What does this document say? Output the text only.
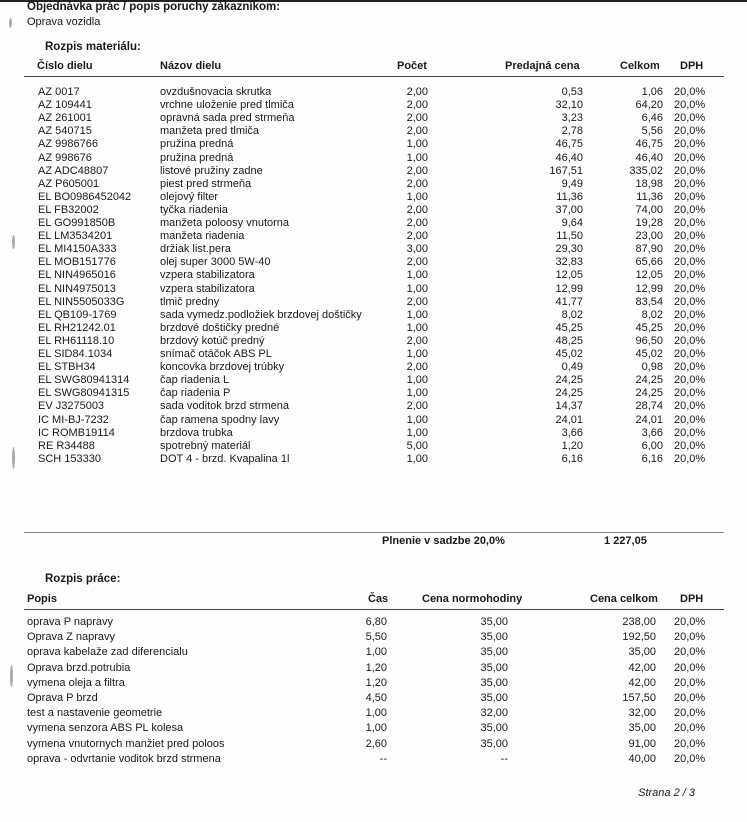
Objednávka prác / popis poruchy zákazníkom:
Oprava vozidla
Rozpis materiálu:
Číslo dielu	Názov dielu	Počet	Predajná cena	Celkom DPH
AZ 0017	ovzdušnovacia skrutka	2,00	0,53	1,06 20,0%
AZ 109441	vrchne uloženie pred tlmiča	2,00	32,10	64,20 20,0%
AZ 261001	opravná sada pred strmeňa	2,00	3,23	6,46 20,0%
AZ 540715	manžeta pred tlmiča	2,00	2,78	5,56 20,0%
AZ 9986766	pružina predná	1,00	46,75	46,75 20,0%
AZ 998676	pružina predná	1,00	46,40	46,40 20,0%
AZ ADC48807	listové pružiny zadne	2,00	167,51	335,02 20,0%
AZ P605001	piest pred strmeňa	2,00	9,49	18,98 20,0%
EL BO0986452042	olejový filter	1,00	11,36	11,36 20,0%
EL FB32002	tyčka riadenia	2,00	37,00	74,00 20,0%
EL GO991850B	manžeta poloosy vnutorna	2,00	9,64	19,28 20,0%
EL LM3534201	manžeta riadenia	2,00	11,50	23,00 20,0%
EL MI4150A333	držiak list.pera	3,00	29,30	87,90 20,0%
EL MOB151776	olej super 3000 5W-40	2,00	32,83	65,66 20,0%
EL NIN4965016	vzpera stabilizatora	1,00	12,05	12,05 20,0%
EL NIN4975013	vzpera stabilizatora	1,00	12,99	12,99 20,0%
EL NIN5505033G	tlmič predny	2,00	41,77	83,54 20,0%
EL QB109-1769	sada vymedz.podložiek brzdovej doštičky	1,00	8,02	8,02 20,0%
EL RH21242.01	brzdové doštičky predné	1,00	45,25	45,25 20,0%
EL RH61118.10	brzdový kotúč predný	2,00	48,25	96,50 20,0%
EL SID84.1034	snímač otáčok ABS PL	1,00	45,02	45,02 20,0%
EL STBH34	koncovka brzdovej trúbky	2,00	0,49	0,98 20,0%
EL SWG80941314	čap riadenia L	1,00	24,25	24,25 20,0%
EL SWG80941315	čap riadenia P	1,00	24,25	24,25 20,0%
EV J3275003	sada voditok brzd strmena	2,00	14,37	28,74 20,0%
IC MI-BJ-7232	čap ramena spodny lavy	1,00	24,01	24,01 20,0%
IC ROMB19114	brzdova trubka	1,00	3,66	3,66 20,0%
RE R34488	spotrebný materiál	5,00	1,20	6,00 20,0%
SCH 153330	DOT 4 - brzd. Kvapalina 1l	1,00	6,16	6,16 20,0%
Plnenie v sadzbe 20,0%	1 227,05
Rozpis práce:
Popis	Čas	Cena normohodiny	Cena celkom DPH
oprava P napravy	6,80	35,00	238,00 20,0%
Oprava Z napravy	5,50	35,00	192,50 20,0%
oprava kabelaže zad diferencialu	1,00	35,00	35,00 20,0%
Oprava brzd.potrubia	1,20	35,00	42,00 20,0%
vymena oleja a filtra	1,20	35,00	42,00 20,0%
Oprava P brzd	4,50	35,00	157,50 20,0%
test a nastavenie geometrie	1,00	32,00	32,00 20,0%
vymena senzora ABS PL kolesa	1,00	35,00	35,00 20,0%
vymena vnutornych manžiet pred poloos	2,60	35,00	91,00 20,0%
oprava - odvrtanie voditok brzd strmena	--	--	40,00 20,0%
Strana 2 / 3
